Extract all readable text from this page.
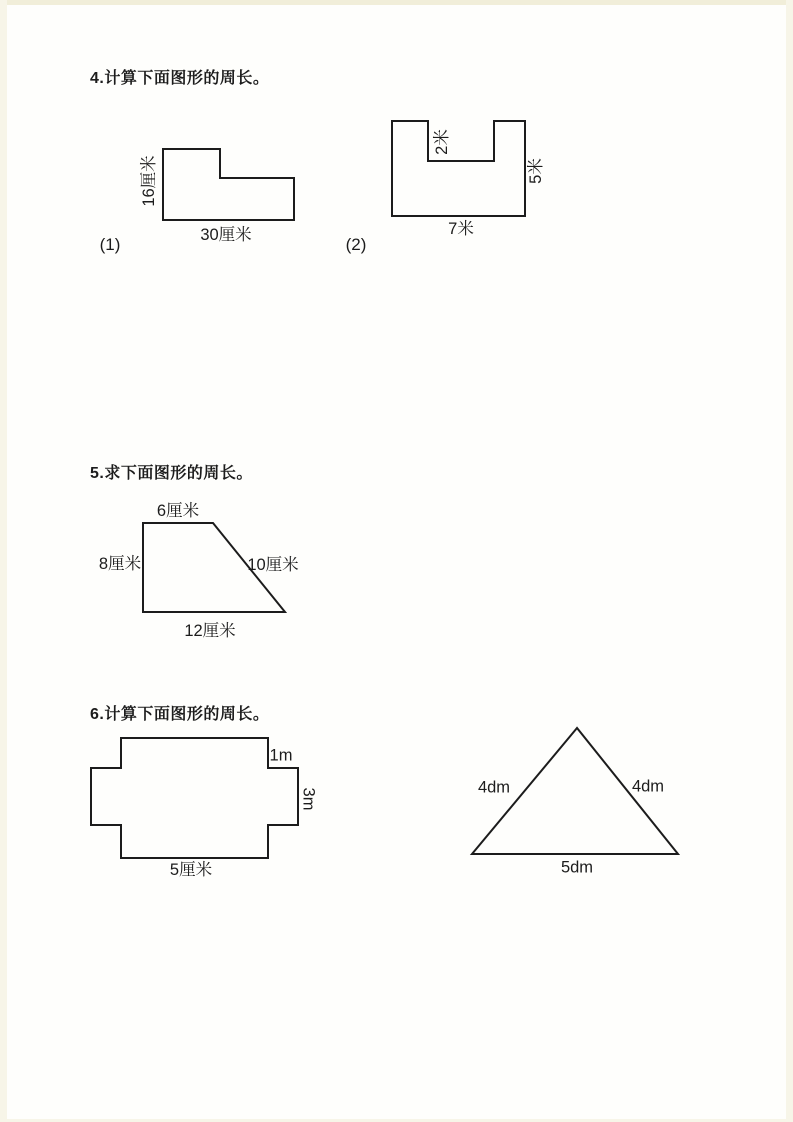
4.计算下面图形的周长。
16厘米
30厘米
(1)
2米
5米
7米
(2)
5.求下面图形的周长。
6厘米
8厘米	10厘米
12厘米
6.计算下面图形的周长。
1m
3m
5厘米
4dm	4dm
5dm
